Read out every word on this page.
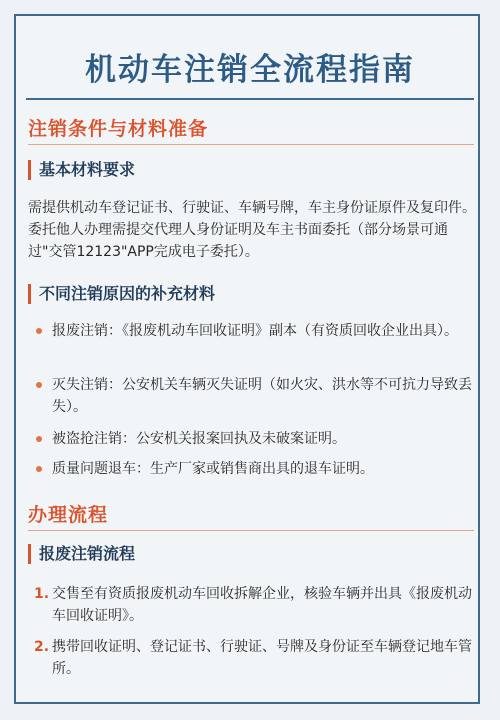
机动车注销全流程指南
注销条件与材料准备
基本材料要求

需提供机动车登记证书、行驶证、车辆号牌，车主身份证原件及复印件。委托他人办理需提交代理人身份证明及车主书面委托（部分场景可通过"交管12123"APP完成电子委托）。

不同注销原因的补充材料
报废注销：《报废机动车回收证明》副本（有资质回收企业出具）。
灭失注销：公安机关车辆灭失证明（如火灾、洪水等不可抗力导致丢失）。
被盗抢注销：公安机关报案回执及未破案证明。
质量问题退车：生产厂家或销售商出具的退车证明。
办理流程
报废注销流程
1. 交售至有资质报废机动车回收拆解企业，核验车辆并出具《报废机动车回收证明》。
2. 携带回收证明、登记证书、行驶证、号牌及身份证至车辆登记地车管所。
